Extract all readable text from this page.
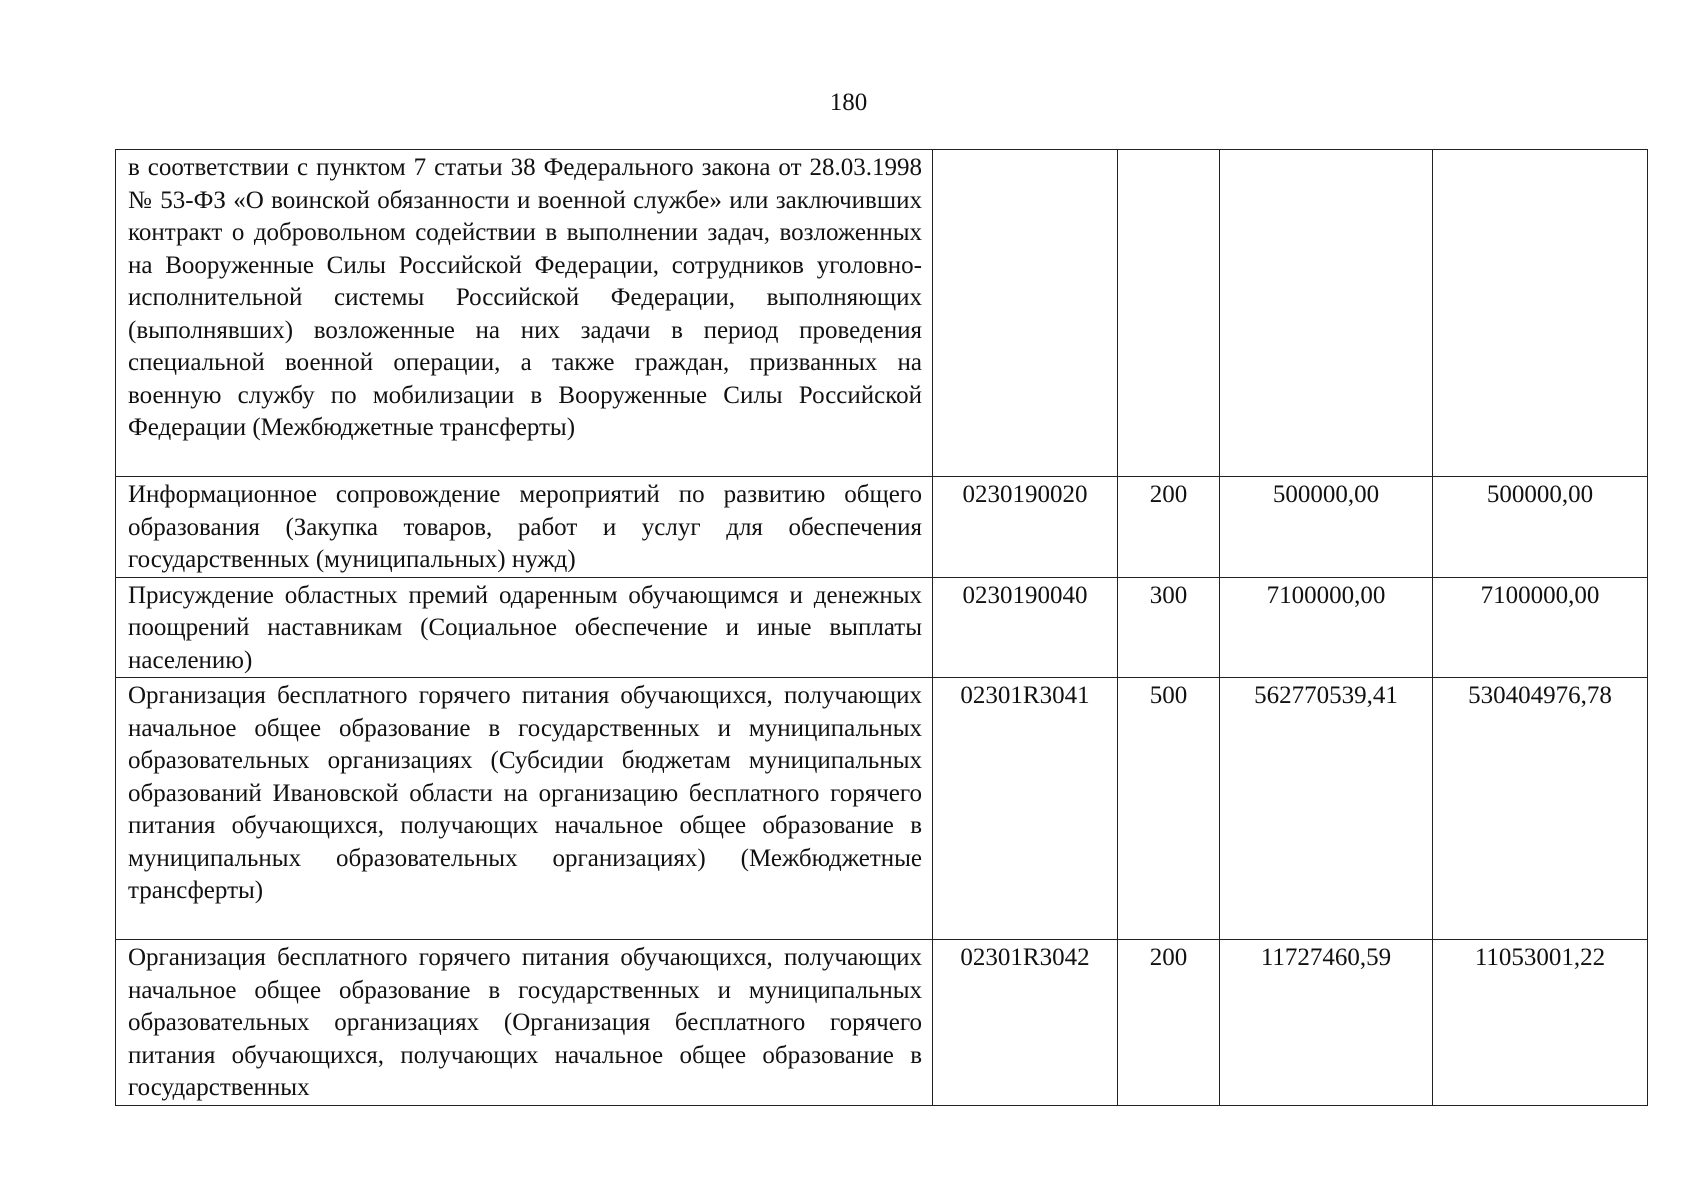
180
в соответствии с пунктом 7 статьи 38 Федерального закона от 28.03.1998 № 53-ФЗ «О воинской обязанности и военной службе» или заключивших контракт о добровольном содействии в выполнении задач, возложенных на Вооруженные Силы Российской Федерации, сотрудников уголовно-исполнительной системы Российской Федерации, выполняющих (выполнявших) возложенные на них задачи в период проведения специальной военной операции, а также граждан, призванных на военную службу по мобилизации в Вооруженные Силы Российской Федерации (Межбюджетные трансферты)				
Информационное сопровождение мероприятий по развитию общего образования (Закупка товаров, работ и услуг для обеспечения государственных (муниципальных) нужд)	0230190020	200	500000,00	500000,00
Присуждение областных премий одаренным обучающимся и денежных поощрений наставникам (Социальное обеспечение и иные выплаты населению)	0230190040	300	7100000,00	7100000,00
Организация бесплатного горячего питания обучающихся, получающих начальное общее образование в государственных и муниципальных образовательных организациях (Субсидии бюджетам муниципальных образований Ивановской области на организацию бесплатного горячего питания обучающихся, получающих начальное общее образование в муниципальных образовательных организациях) (Межбюджетные трансферты)	02301R3041	500	562770539,41	530404976,78
Организация бесплатного горячего питания обучающихся, получающих начальное общее образование в государственных и муниципальных образовательных организациях (Организация бесплатного горячего питания обучающихся, получающих начальное общее образование в государственных	02301R3042	200	11727460,59	11053001,22
